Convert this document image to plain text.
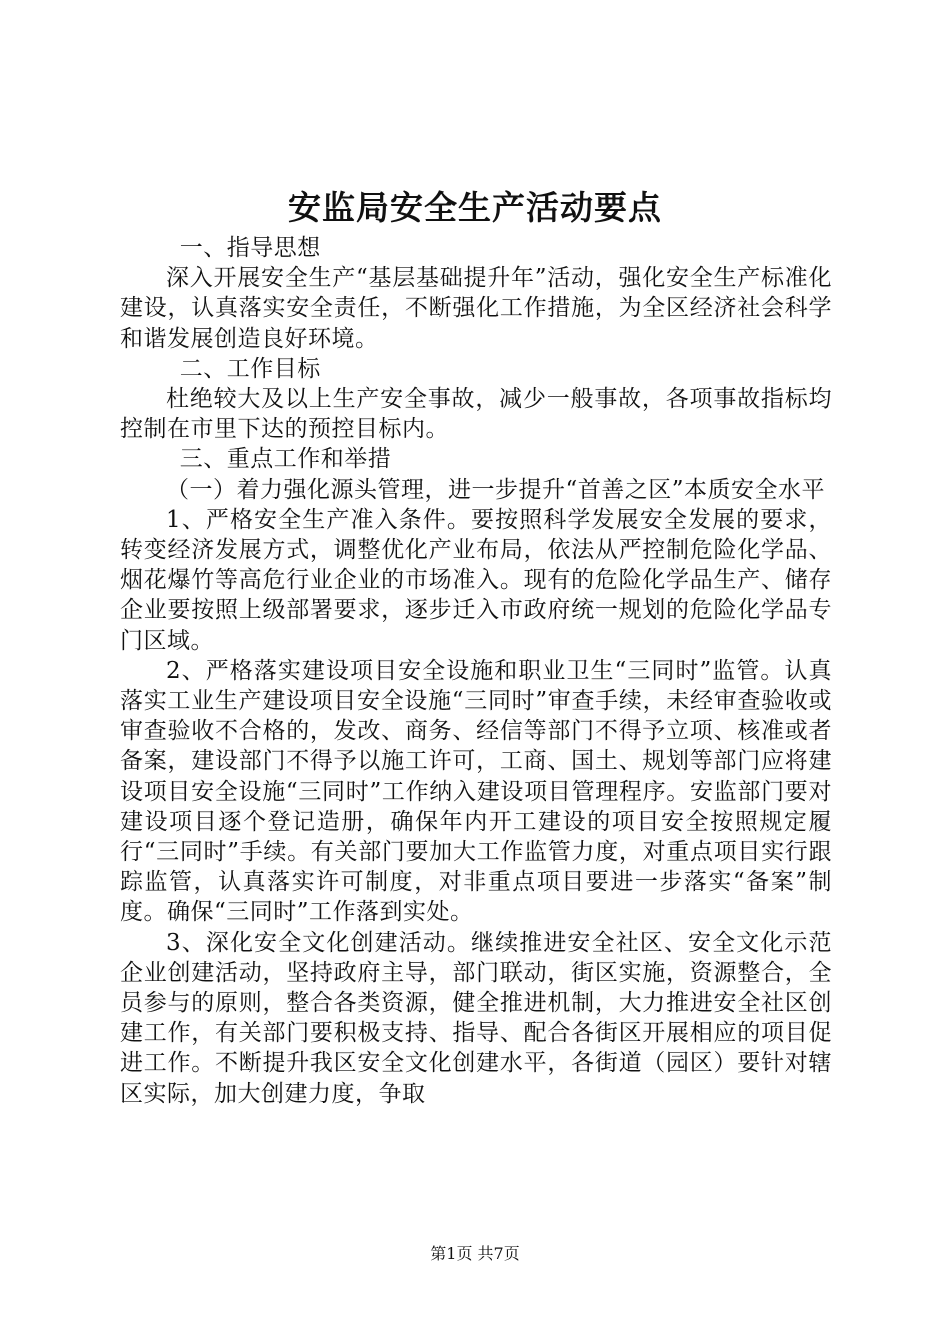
安监局安全生产活动要点

一、指导思想

深入开展安全生产“基层基础提升年”活动，强化安全生产标准化建设，认真落实安全责任，不断强化工作措施，为全区经济社会科学和谐发展创造良好环境。

二、工作目标

杜绝较大及以上生产安全事故，减少一般事故，各项事故指标均控制在市里下达的预控目标内。

三、重点工作和举措

（一）着力强化源头管理，进一步提升“首善之区”本质安全水平

1、严格安全生产准入条件。要按照科学发展安全发展的要求，转变经济发展方式，调整优化产业布局，依法从严控制危险化学品、烟花爆竹等高危行业企业的市场准入。现有的危险化学品生产、储存企业要按照上级部署要求，逐步迁入市政府统一规划的危险化学品专门区域。

2、严格落实建设项目安全设施和职业卫生“三同时”监管。认真落实工业生产建设项目安全设施“三同时”审查手续，未经审查验收或审查验收不合格的，发改、商务、经信等部门不得予立项、核准或者备案，建设部门不得予以施工许可，工商、国土、规划等部门应将建设项目安全设施“三同时”工作纳入建设项目管理程序。安监部门要对建设项目逐个登记造册，确保年内开工建设的项目安全按照规定履行“三同时”手续。有关部门要加大工作监管力度，对重点项目实行跟踪监管，认真落实许可制度，对非重点项目要进一步落实“备案”制度。确保“三同时”工作落到实处。

3、深化安全文化创建活动。继续推进安全社区、安全文化示范企业创建活动，坚持政府主导，部门联动，街区实施，资源整合，全员参与的原则，整合各类资源，健全推进机制，大力推进安全社区创建工作，有关部门要积极支持、指导、配合各街区开展相应的项目促进工作。不断提升我区安全文化创建水平，各街道（园区）要针对辖区实际，加大创建力度，争取

第1页 共7页
